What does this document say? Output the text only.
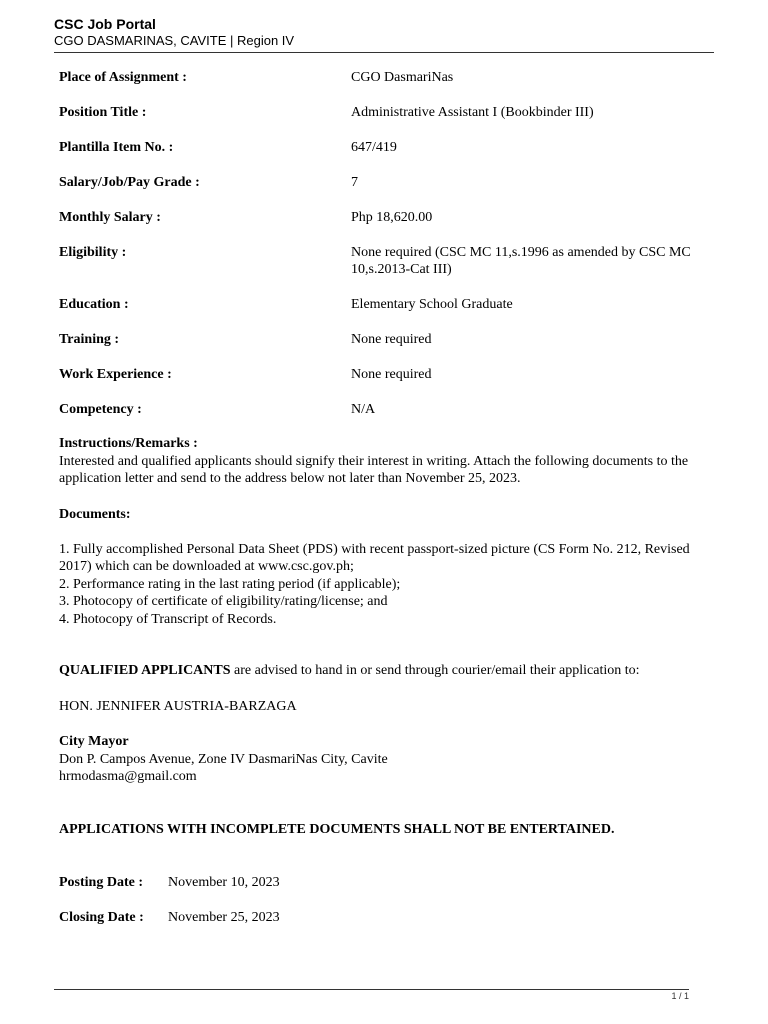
CSC Job Portal
CGO DASMARINAS, CAVITE | Region IV
Place of Assignment :	CGO DasmariNas
Position Title :	Administrative Assistant I (Bookbinder III)
Plantilla Item No. :	647/419
Salary/Job/Pay Grade :	7
Monthly Salary :	Php 18,620.00
Eligibility :	None required (CSC MC 11,s.1996 as amended by CSC MC 10,s.2013-Cat III)
Education :	Elementary School Graduate
Training :	None required
Work Experience :	None required
Competency :	N/A
Instructions/Remarks :
Interested and qualified applicants should signify their interest in writing. Attach the following documents to the application letter and send to the address below not later than November 25, 2023.
Documents:
1. Fully accomplished Personal Data Sheet (PDS) with recent passport-sized picture (CS Form No. 212, Revised 2017) which can be downloaded at www.csc.gov.ph;
2. Performance rating in the last rating period (if applicable);
3. Photocopy of certificate of eligibility/rating/license; and
4. Photocopy of Transcript of Records.
QUALIFIED APPLICANTS are advised to hand in or send through courier/email their application to:
HON. JENNIFER AUSTRIA-BARZAGA
City Mayor
Don P. Campos Avenue, Zone IV DasmariNas City, Cavite
hrmodasma@gmail.com
APPLICATIONS WITH INCOMPLETE DOCUMENTS SHALL NOT BE ENTERTAINED.
Posting Date :	November 10, 2023
Closing Date :	November 25, 2023
1 / 1
